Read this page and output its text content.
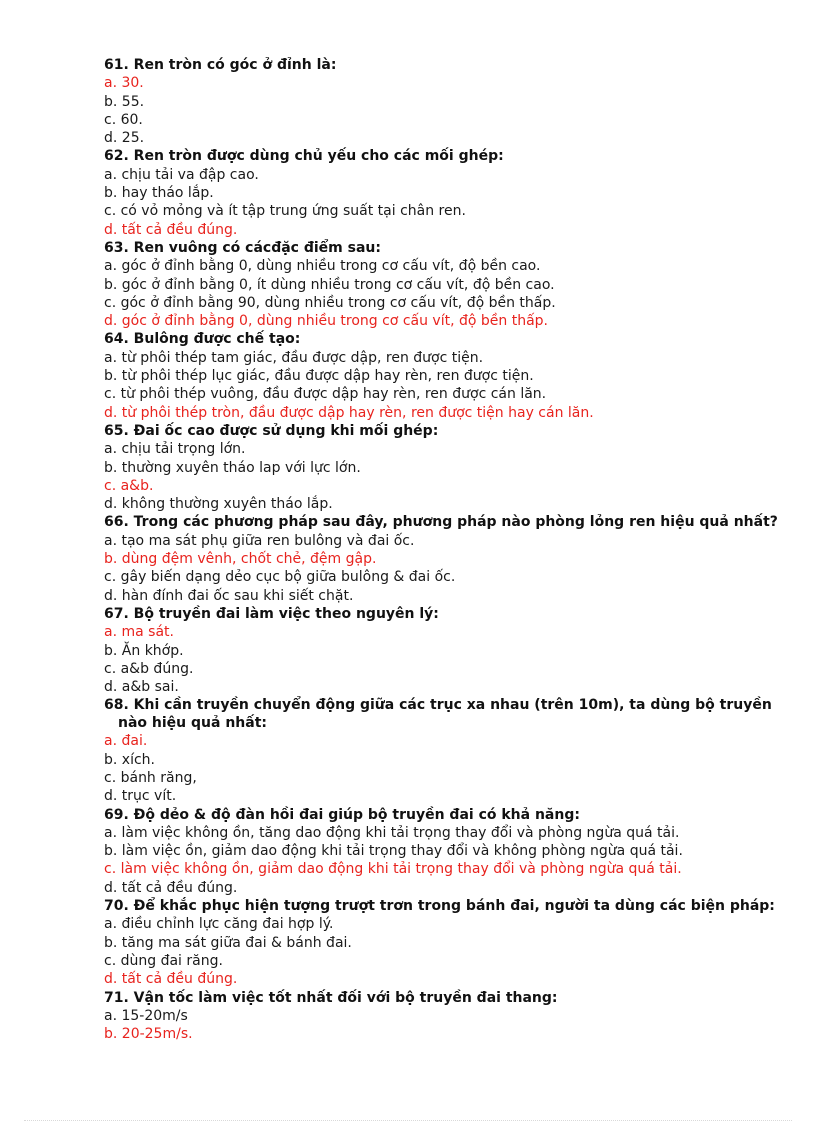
61. Ren tròn có góc ở đỉnh là:
a. 30.
b. 55.
c. 60.
d. 25.
62. Ren tròn được dùng chủ yếu cho các mối ghép:
a. chịu tải va đập cao.
b. hay tháo lắp.
c. có vỏ mỏng và ít tập trung ứng suất tại chân ren.
d. tất cả đều đúng.
63. Ren vuông có cácđặc điểm sau:
a. góc ở đỉnh bằng 0, dùng nhiều trong cơ cấu vít, độ bền cao.
b. góc ở đỉnh bằng 0, ít dùng nhiều trong cơ cấu vít, độ bền cao.
c. góc ở đỉnh bằng 90, dùng nhiều trong cơ cấu vít, độ bền thấp.
d. góc ở đỉnh bằng 0, dùng nhiều trong cơ cấu vít, độ bền thấp.
64. Bulông được chế tạo:
a. từ phôi thép tam giác, đầu được dập, ren được tiện.
b. từ phôi thép lục giác, đầu được dập hay rèn, ren được tiện.
c. từ phôi thép vuông, đầu được dập hay rèn, ren được cán lăn.
d. từ phôi thép tròn, đầu được dập hay rèn, ren được tiện hay cán lăn.
65. Đai ốc cao được sử dụng khi mối ghép:
a. chịu tải trọng lớn.
b. thường xuyên tháo lap với lực lớn.
c. a&b.
d. không thường xuyên tháo lắp.
66. Trong các phương pháp sau đây, phương pháp nào phòng lỏng ren hiệu quả nhất?
a. tạo ma sát phụ giữa ren bulông và đai ốc.
b. dùng đệm vênh, chốt chẻ, đệm gập.
c. gây biến dạng dẻo cục bộ giữa bulông & đai ốc.
d. hàn đính đai ốc sau khi siết chặt.
67. Bộ truyền đai làm việc theo nguyên lý:
a. ma sát.
b. Ăn khớp.
c. a&b đúng.
d. a&b sai.
68. Khi cần truyền chuyển động giữa các trục xa nhau (trên 10m), ta dùng bộ truyền nào hiệu quả nhất:
a. đai.
b. xích.
c. bánh răng,
d. trục vít.
69. Độ dẻo & độ đàn hồi đai giúp bộ truyền đai có khả năng:
a. làm việc không ồn, tăng dao động khi tải trọng thay đổi và phòng ngừa quá tải.
b. làm việc ồn, giảm dao động khi tải trọng thay đổi và không phòng ngừa quá tải.
c. làm việc không ồn, giảm dao động khi tải trọng thay đổi và phòng ngừa quá tải.
d. tất cả đều đúng.
70. Để khắc phục hiện tượng trượt trơn trong bánh đai, người ta dùng các biện pháp:
a. điều chỉnh lực căng đai hợp lý.
b. tăng ma sát giữa đai & bánh đai.
c. dùng đai răng.
d. tất cả đều đúng.
71. Vận tốc làm việc tốt nhất đối với bộ truyền đai thang:
a. 15-20m/s
b. 20-25m/s.
